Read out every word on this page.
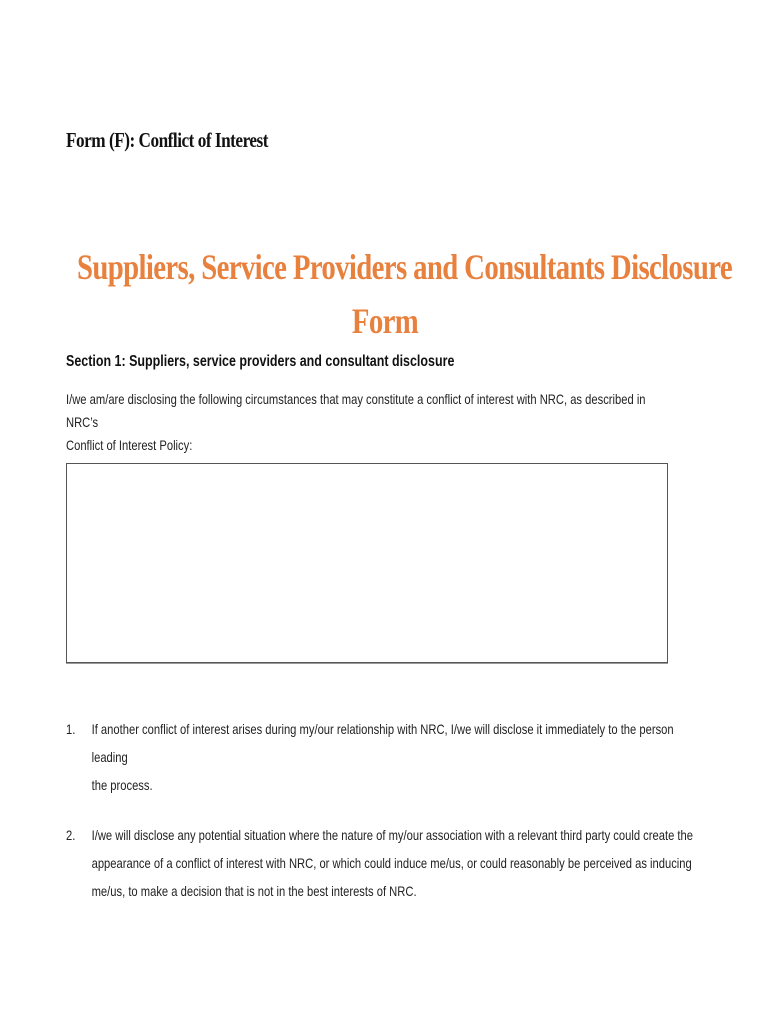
Form (F): Conflict of Interest
Suppliers, Service Providers and Consultants Disclosure
Form
Section 1: Suppliers, service providers and consultant disclosure
I/we am/are disclosing the following circumstances that may constitute a conflict of interest with NRC, as described in NRC’s
Conflict of Interest Policy:
1. If another conflict of interest arises during my/our relationship with NRC, I/we will disclose it immediately to the person leading
the process.
2. I/we will disclose any potential situation where the nature of my/our association with a relevant third party could create the
appearance of a conflict of interest with NRC, or which could induce me/us, or could reasonably be perceived as inducing
me/us, to make a decision that is not in the best interests of NRC.
